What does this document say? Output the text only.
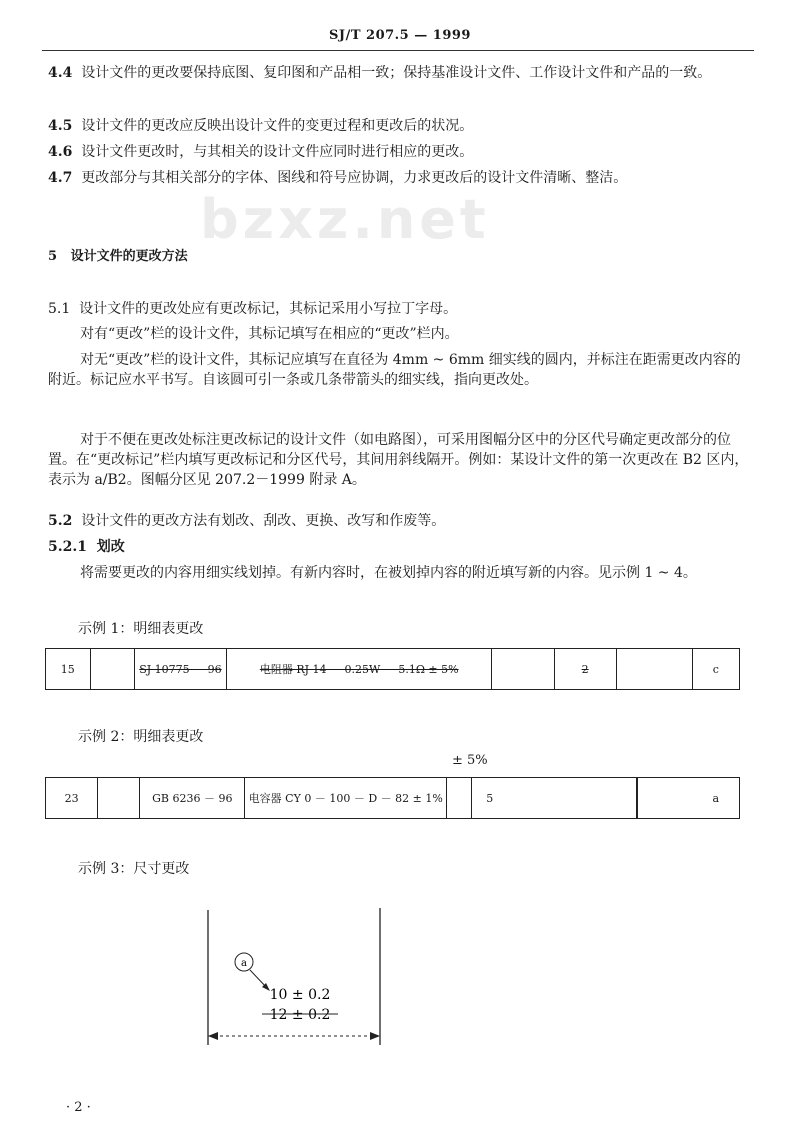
SJ/T 207.5 — 1999
bzxz.net
4.4 设计文件的更改要保持底图、复印图和产品相一致；保持基准设计文件、工作设计文件和产品的一致。
4.5 设计文件的更改应反映出设计文件的变更过程和更改后的状况。
4.6 设计文件更改时，与其相关的设计文件应同时进行相应的更改。
4.7 更改部分与其相关部分的字体、图线和符号应协调，力求更改后的设计文件清晰、整洁。
5 设计文件的更改方法
5.1 设计文件的更改处应有更改标记，其标记采用小写拉丁字母。
对有“更改”栏的设计文件，其标记填写在相应的“更改”栏内。
对无“更改”栏的设计文件，其标记应填写在直径为 4mm ~ 6mm 细实线的圆内，并标注在距需更改内容的附近。标记应水平书写。自该圆可引一条或几条带箭头的细实线，指向更改处。
对于不便在更改处标注更改标记的设计文件（如电路图），可采用图幅分区中的分区代号确定更改部分的位置。在“更改标记”栏内填写更改标记和分区代号，其间用斜线隔开。例如：某设计文件的第一次更改在 B2 区内，表示为 a/B2。图幅分区见 207.2－1999 附录 A。
5.2 设计文件的更改方法有划改、刮改、更换、改写和作废等。
5.2.1 划改
将需要更改的内容用细实线划掉。有新内容时，在被划掉内容的附近填写新的内容。见示例 1 ~ 4。
示例 1：明细表更改
15		SJ 10775 － 96	电阻器 RJ 14 － 0.25W － 5.1Ω ± 5%		2		c
示例 2：明细表更改
± 5%
23		GB 6236 － 96	电容器 CY 0 － 100 － D － 82 ± 1%		5		a
示例 3：尺寸更改
a
10 ± 0.2
12 ± 0.2
· 2 ·
